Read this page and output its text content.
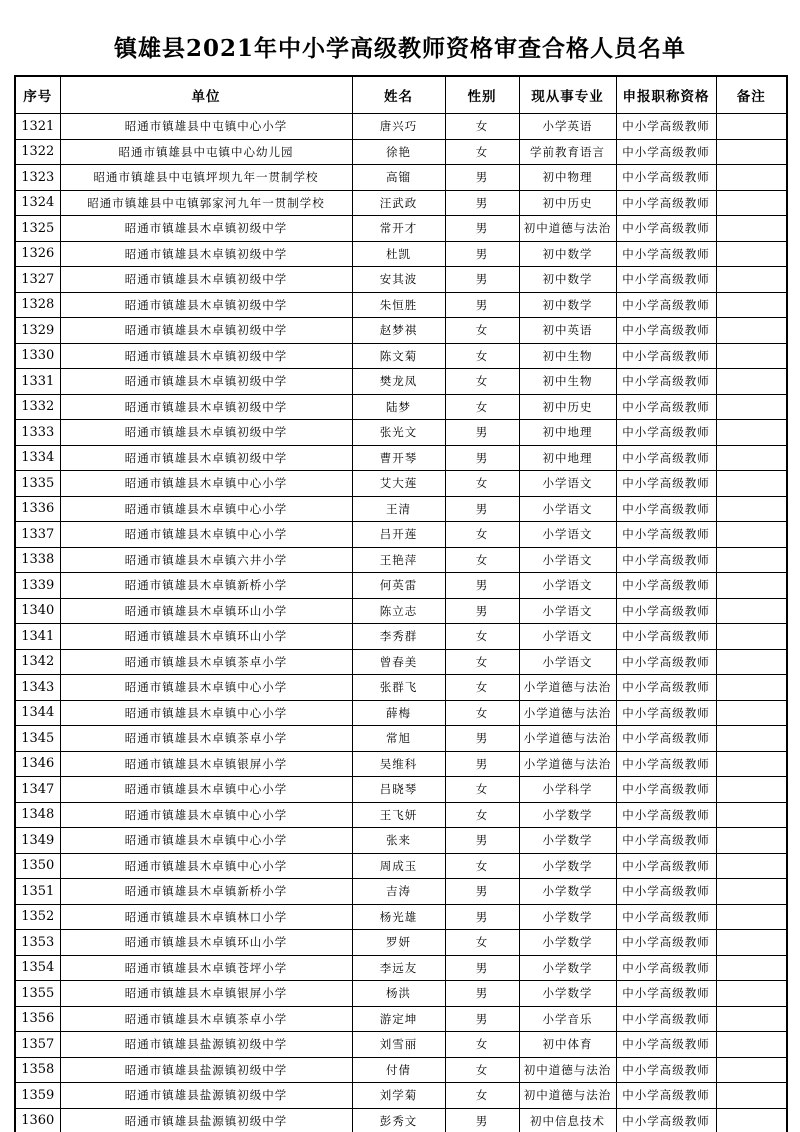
镇雄县2021年中小学高级教师资格审查合格人员名单
序号	单位	姓名	性别	现从事专业	申报职称资格	备注
1321	昭通市镇雄县中屯镇中心小学	唐兴巧	女	小学英语	中小学高级教师	
1322	昭通市镇雄县中屯镇中心幼儿园	徐艳	女	学前教育语言	中小学高级教师	
1323	昭通市镇雄县中屯镇坪坝九年一贯制学校	高镏	男	初中物理	中小学高级教师	
1324	昭通市镇雄县中屯镇郭家河九年一贯制学校	汪武政	男	初中历史	中小学高级教师	
1325	昭通市镇雄县木卓镇初级中学	常开才	男	初中道德与法治	中小学高级教师	
1326	昭通市镇雄县木卓镇初级中学	杜凯	男	初中数学	中小学高级教师	
1327	昭通市镇雄县木卓镇初级中学	安其波	男	初中数学	中小学高级教师	
1328	昭通市镇雄县木卓镇初级中学	朱恒胜	男	初中数学	中小学高级教师	
1329	昭通市镇雄县木卓镇初级中学	赵梦祺	女	初中英语	中小学高级教师	
1330	昭通市镇雄县木卓镇初级中学	陈文菊	女	初中生物	中小学高级教师	
1331	昭通市镇雄县木卓镇初级中学	樊龙凤	女	初中生物	中小学高级教师	
1332	昭通市镇雄县木卓镇初级中学	陆梦	女	初中历史	中小学高级教师	
1333	昭通市镇雄县木卓镇初级中学	张光文	男	初中地理	中小学高级教师	
1334	昭通市镇雄县木卓镇初级中学	曹开琴	男	初中地理	中小学高级教师	
1335	昭通市镇雄县木卓镇中心小学	艾大莲	女	小学语文	中小学高级教师	
1336	昭通市镇雄县木卓镇中心小学	王清	男	小学语文	中小学高级教师	
1337	昭通市镇雄县木卓镇中心小学	吕开莲	女	小学语文	中小学高级教师	
1338	昭通市镇雄县木卓镇六井小学	王艳萍	女	小学语文	中小学高级教师	
1339	昭通市镇雄县木卓镇新桥小学	何英雷	男	小学语文	中小学高级教师	
1340	昭通市镇雄县木卓镇环山小学	陈立志	男	小学语文	中小学高级教师	
1341	昭通市镇雄县木卓镇环山小学	李秀群	女	小学语文	中小学高级教师	
1342	昭通市镇雄县木卓镇茶卓小学	曾春美	女	小学语文	中小学高级教师	
1343	昭通市镇雄县木卓镇中心小学	张群飞	女	小学道德与法治	中小学高级教师	
1344	昭通市镇雄县木卓镇中心小学	薛梅	女	小学道德与法治	中小学高级教师	
1345	昭通市镇雄县木卓镇茶卓小学	常旭	男	小学道德与法治	中小学高级教师	
1346	昭通市镇雄县木卓镇银屏小学	吴维科	男	小学道德与法治	中小学高级教师	
1347	昭通市镇雄县木卓镇中心小学	吕晓琴	女	小学科学	中小学高级教师	
1348	昭通市镇雄县木卓镇中心小学	王飞妍	女	小学数学	中小学高级教师	
1349	昭通市镇雄县木卓镇中心小学	张来	男	小学数学	中小学高级教师	
1350	昭通市镇雄县木卓镇中心小学	周成玉	女	小学数学	中小学高级教师	
1351	昭通市镇雄县木卓镇新桥小学	吉涛	男	小学数学	中小学高级教师	
1352	昭通市镇雄县木卓镇林口小学	杨光雄	男	小学数学	中小学高级教师	
1353	昭通市镇雄县木卓镇环山小学	罗妍	女	小学数学	中小学高级教师	
1354	昭通市镇雄县木卓镇苍坪小学	李远友	男	小学数学	中小学高级教师	
1355	昭通市镇雄县木卓镇银屏小学	杨洪	男	小学数学	中小学高级教师	
1356	昭通市镇雄县木卓镇茶卓小学	游定坤	男	小学音乐	中小学高级教师	
1357	昭通市镇雄县盐源镇初级中学	刘雪丽	女	初中体育	中小学高级教师	
1358	昭通市镇雄县盐源镇初级中学	付倩	女	初中道德与法治	中小学高级教师	
1359	昭通市镇雄县盐源镇初级中学	刘学菊	女	初中道德与法治	中小学高级教师	
1360	昭通市镇雄县盐源镇初级中学	彭秀文	男	初中信息技术	中小学高级教师	
